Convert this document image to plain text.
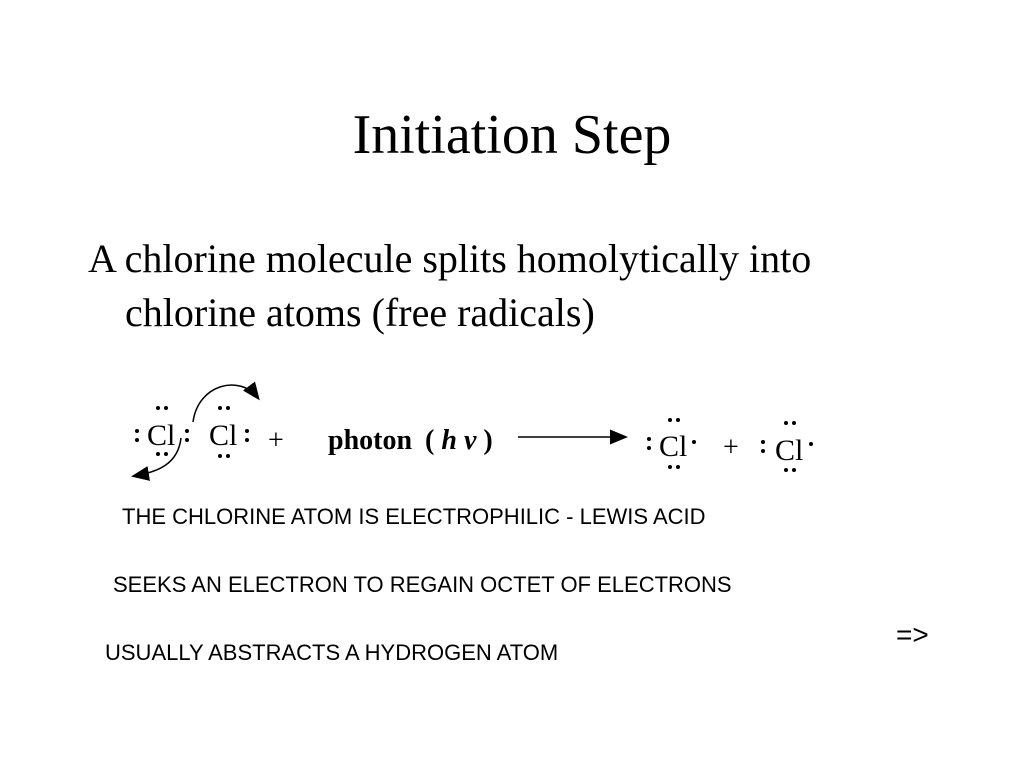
Initiation Step
A chlorine molecule splits homolytically into
chlorine atoms (free radicals)
Cl Cl + photon ( h ν )	Cl + Cl
THE CHLORINE ATOM IS ELECTROPHILIC - LEWIS ACID
SEEKS AN ELECTRON TO REGAIN OCTET OF ELECTRONS
USUALLY ABSTRACTS A HYDROGEN ATOM
=>
